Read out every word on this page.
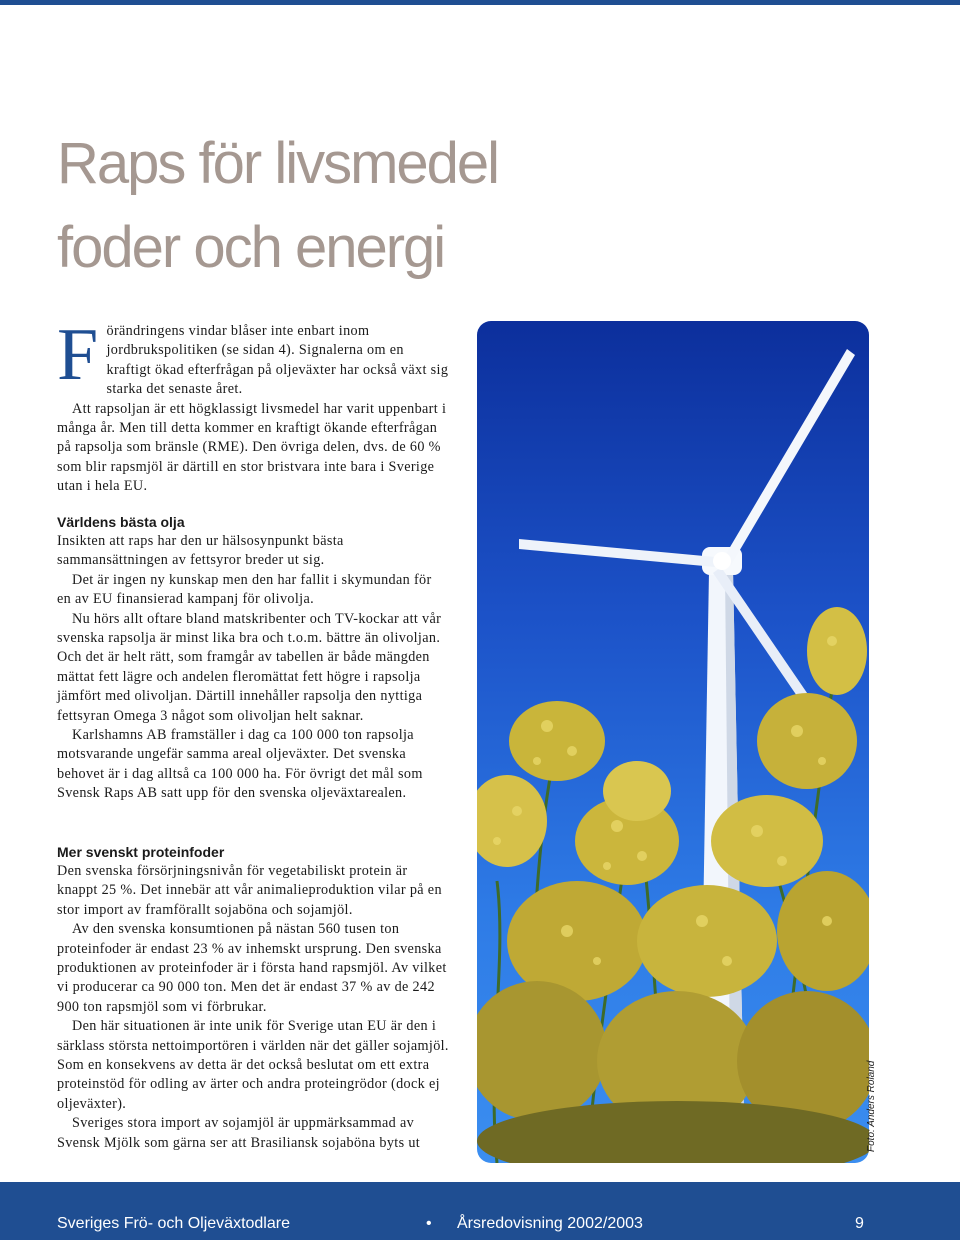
Raps för livsmedel
foder och energi
F örändringens vindar blåser inte enbart inom jordbrukspolitiken (se sidan 4). Signalerna om en kraftigt ökad efterfrågan på oljeväxter har också växt sig starka det senaste året.

Att rapsoljan är ett högklassigt livsmedel har varit uppenbart i många år. Men till detta kommer en kraftigt ökande efterfrågan på rapsolja som bränsle (RME). Den övriga delen, dvs. de 60 % som blir rapsmjöl är därtill en stor bristvara inte bara i Sverige utan i hela EU.

Världens bästa olja

Insikten att raps har den ur hälsosynpunkt bästa sammansättningen av fettsyror breder ut sig.

Det är ingen ny kunskap men den har fallit i skymundan för en av EU finansierad kampanj för olivolja.

Nu hörs allt oftare bland matskribenter och TV-kockar att vår svenska rapsolja är minst lika bra och t.o.m. bättre än olivoljan. Och det är helt rätt, som framgår av tabellen är både mängden mättat fett lägre och andelen fleromättat fett högre i rapsolja jämfört med olivoljan. Därtill innehåller rapsolja den nyttiga fettsyran Omega 3 något som olivoljan helt saknar.

Karlshamns AB framställer i dag ca 100 000 ton rapsolja motsvarande ungefär samma areal oljeväxter. Det svenska behovet är i dag alltså ca 100 000 ha. För övrigt det mål som Svensk Raps AB satt upp för den svenska oljeväxtarealen.

Mer svenskt proteinfoder

Den svenska försörjningsnivån för vegetabiliskt protein är knappt 25 %. Det innebär att vår animalieproduktion vilar på en stor import av framförallt sojaböna och sojamjöl.

Av den svenska konsumtionen på nästan 560 tusen ton proteinfoder är endast 23 % av inhemskt ursprung. Den svenska produktionen av proteinfoder är i första hand rapsmjöl. Av vilket vi producerar ca 90 000 ton. Men det är endast 37 % av de 242 900 ton rapsmjöl som vi förbrukar.

Den här situationen är inte unik för Sverige utan EU är den i särklass största nettoimportören i världen när det gäller sojamjöl. Som en konsekvens av detta är det också beslutat om ett extra proteinstöd för odling av ärter och andra proteingrödor (dock ej oljeväxter).

Sveriges stora import av sojamjöl är uppmärksammad av Svensk Mjölk som gärna ser att Brasiliansk sojaböna byts ut	Foto: Anders Roland
Sveriges Frö- och Oljeväxtodlare	• Årsredovisning 2002/2003	9
